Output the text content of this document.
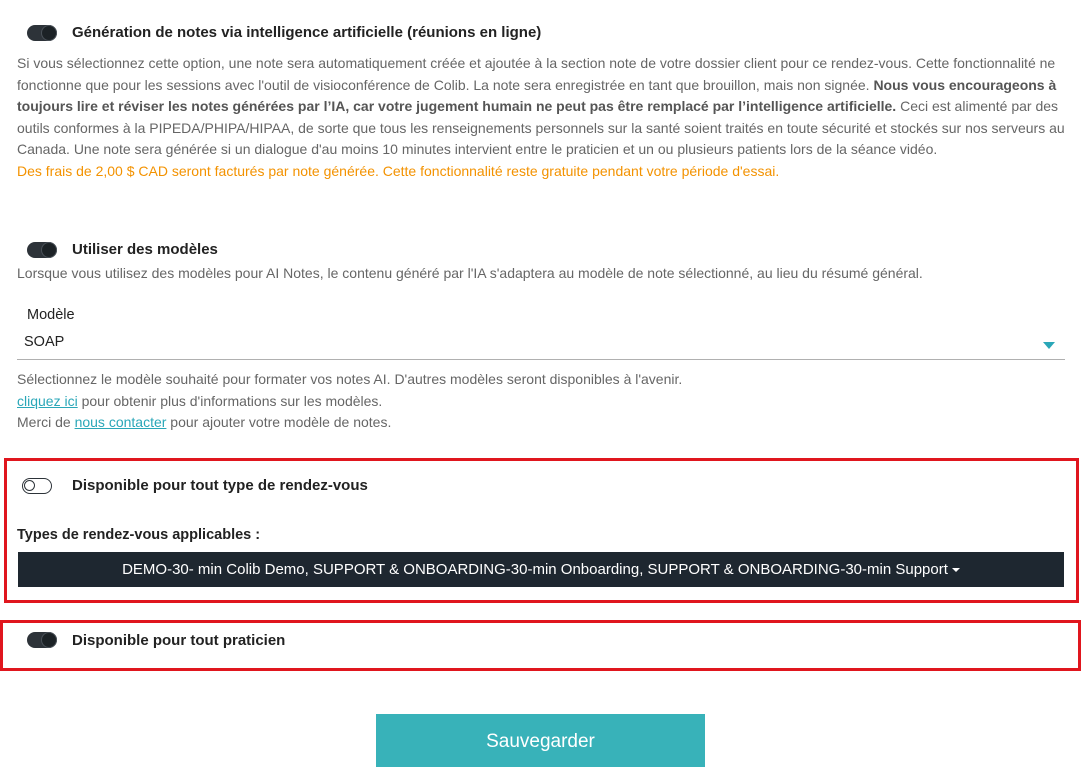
Génération de notes via intelligence artificielle (réunions en ligne)
Si vous sélectionnez cette option, une note sera automatiquement créée et ajoutée à la section note de votre dossier client pour ce rendez-vous. Cette fonctionnalité ne fonctionne que pour les sessions avec l'outil de visioconférence de Colib. La note sera enregistrée en tant que brouillon, mais non signée. Nous vous encourageons à toujours lire et réviser les notes générées par l’IA, car votre jugement humain ne peut pas être remplacé par l’intelligence artificielle. Ceci est alimenté par des outils conformes à la PIPEDA/PHIPA/HIPAA, de sorte que tous les renseignements personnels sur la santé soient traités en toute sécurité et stockés sur nos serveurs au Canada. Une note sera générée si un dialogue d'au moins 10 minutes intervient entre le praticien et un ou plusieurs patients lors de la séance vidéo.
Des frais de 2,00 $ CAD seront facturés par note générée. Cette fonctionnalité reste gratuite pendant votre période d'essai.
Utiliser des modèles
Lorsque vous utilisez des modèles pour AI Notes, le contenu généré par l'IA s'adaptera au modèle de note sélectionné, au lieu du résumé général.
Modèle
SOAP
Sélectionnez le modèle souhaité pour formater vos notes AI. D'autres modèles seront disponibles à l'avenir.
cliquez ici pour obtenir plus d'informations sur les modèles.
Merci de nous contacter pour ajouter votre modèle de notes.
Disponible pour tout type de rendez-vous
Types de rendez-vous applicables :
DEMO-30- min Colib Demo, SUPPORT & ONBOARDING-30-min Onboarding, SUPPORT & ONBOARDING-30-min Support
Disponible pour tout praticien
Sauvegarder
